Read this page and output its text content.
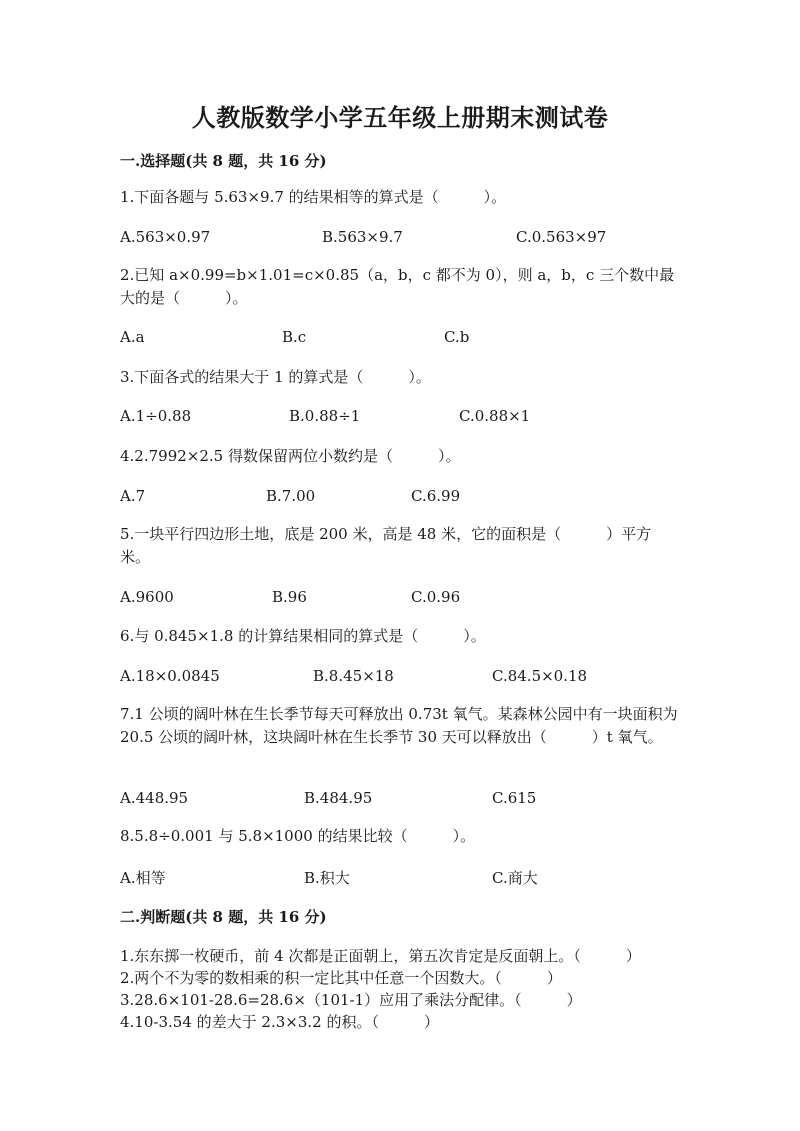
人教版数学小学五年级上册期末测试卷
一.选择题(共 8 题，共 16 分)
1.下面各题与 5.63×9.7 的结果相等的算式是（　　　）。
A.563×0.97	B.563×9.7	C.0.563×97
2.已知 a×0.99=b×1.01=c×0.85（a，b，c 都不为 0），则 a，b，c 三个数中最大的是（　　　）。
A.a	B.c	C.b
3.下面各式的结果大于 1 的算式是（　　　）。
A.1÷0.88	B.0.88÷1	C.0.88×1
4.2.7992×2.5 得数保留两位小数约是（　　　）。
A.7	B.7.00	C.6.99
5.一块平行四边形土地，底是 200 米，高是 48 米，它的面积是（　　　）平方米。
A.9600	B.96	C.0.96
6.与 0.845×1.8 的计算结果相同的算式是（　　　）。
A.18×0.0845	B.8.45×18	C.84.5×0.18
7.1 公顷的阔叶林在生长季节每天可释放出 0.73t 氧气。某森林公园中有一块面积为 20.5 公顷的阔叶林，这块阔叶林在生长季节 30 天可以释放出（　　　）t 氧气。
A.448.95	B.484.95	C.615
8.5.8÷0.001 与 5.8×1000 的结果比较（　　　）。
A.相等	B.积大	C.商大
二.判断题(共 8 题，共 16 分)
1.东东掷一枚硬币，前 4 次都是正面朝上，第五次肯定是反面朝上。（　　　）
2.两个不为零的数相乘的积一定比其中任意一个因数大。（　　　）
3.28.6×101-28.6=28.6×（101-1）应用了乘法分配律。（　　　）
4.10-3.54 的差大于 2.3×3.2 的积。（　　　）
